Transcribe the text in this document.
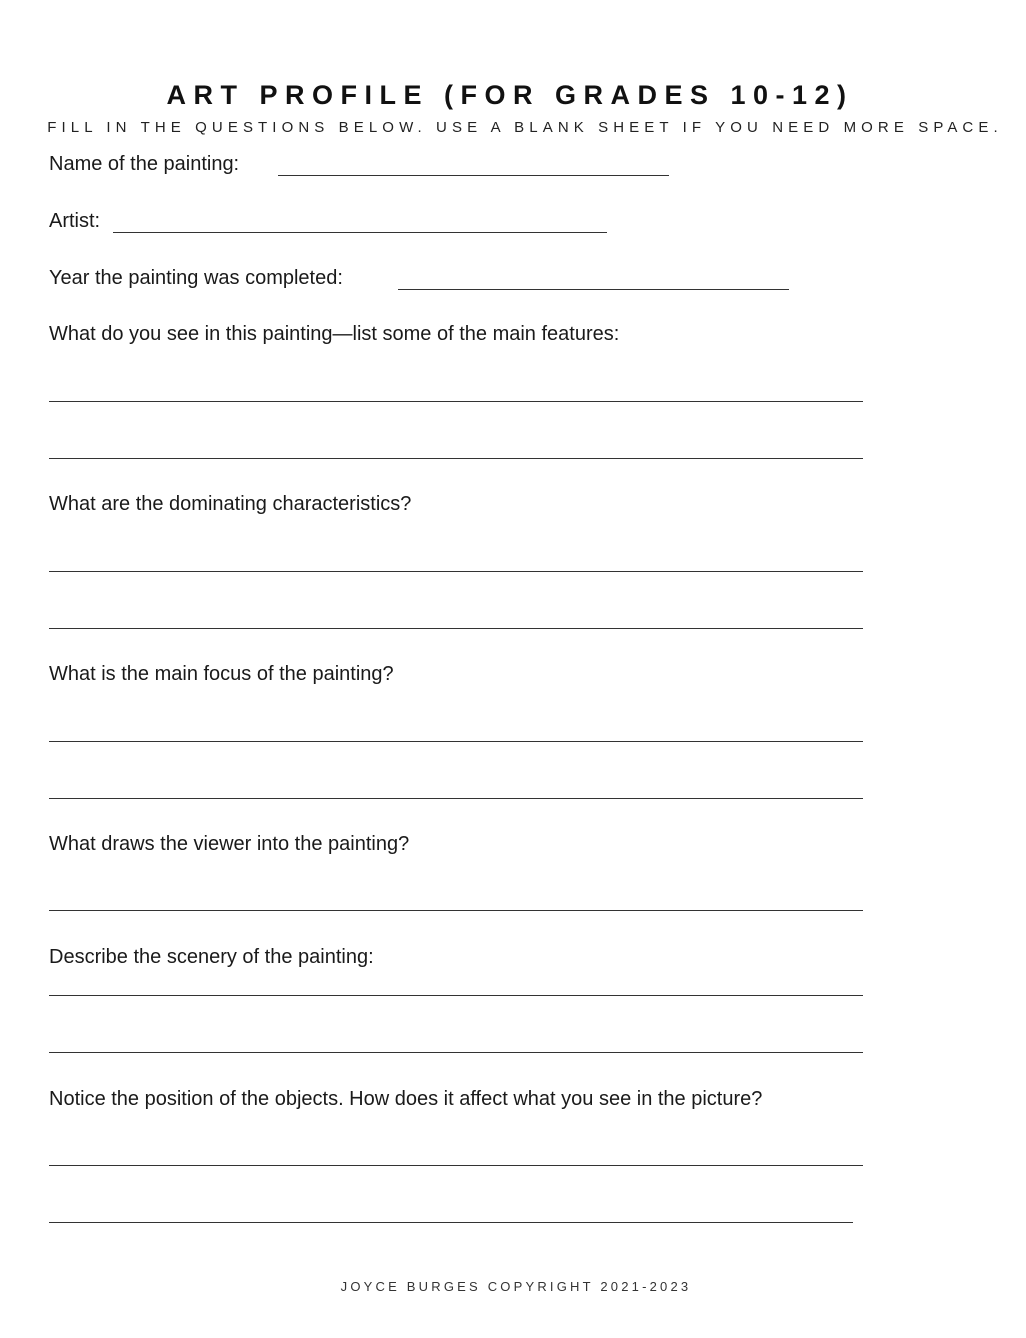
ART PROFILE (FOR GRADES 10-12)
FILL IN THE QUESTIONS BELOW. USE A BLANK SHEET IF YOU NEED MORE SPACE.
Name of the painting:
Artist:
Year the painting was completed:
What do you see in this painting—list some of the main features:
What are the dominating characteristics?
What is the main focus of the painting?
What draws the viewer into the painting?
Describe the scenery of the painting:
Notice the position of the objects. How does it affect what you see in the picture?
JOYCE BURGES COPYRIGHT 2021-2023
